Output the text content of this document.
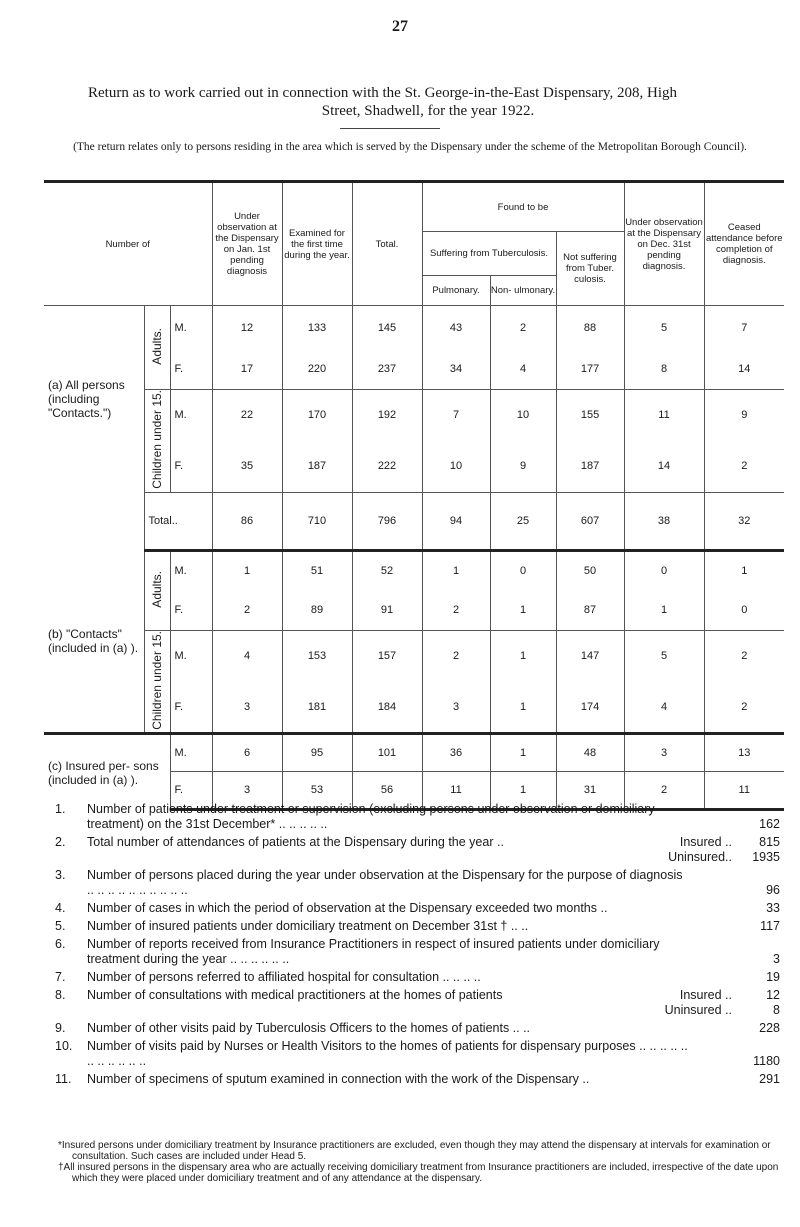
27
Return as to work carried out in connection with the St. George-in-the-East Dispensary, 208, High
Street, Shadwell, for the year 1922.
(The return relates only to persons residing in the area which is served by the Dispensary under the scheme of the Metropolitan Borough Council).
Number of			Under observation at the Dispensary on Jan. 1st pending diagnosis	Examined for the first time during the year.	Total.	Found to be			Under observation at the Dispensary on Dec. 31st pending diagnosis.	Ceased attendance before completion of diagnosis.
						Suffering from Tuberculosis.		Not suffering from Tuber. culosis.		
						Pulmonary.	Non- ulmonary.			
(a) All persons (including "Contacts.")	Adults.	M.	12	133	145	43	2	88	5	7
		F.	17	220	237	34	4	177	8	14
	Children under 15.	M.	22	170	192	7	10	155	11	9
		F.	35	187	222	10	9	187	14	2
	Total..		86	710	796	94	25	607	38	32
(b) "Contacts" (included in (a) ).	Adults.	M.	1	51	52	1	0	50	0	1
		F.	2	89	91	2	1	87	1	0
	Children under 15.	M.	4	153	157	2	1	147	5	2
		F.	3	181	184	3	1	174	4	2
(c) Insured per- sons (included in (a) ).		M.	6	95	101	36	1	48	3	13
		F.	3	53	56	11	1	31	2	11
1.	Number of patients under treatment or supervision (excluding persons under observation or domiciliary treatment) on the 31st December* .. .. .. .. ..	162
2.	Total number of attendances of patients at the Dispensary during the year ..	Insured .. 815
Uninsured.. 1935
3.	Number of persons placed during the year under observation at the Dispensary for the purpose of diagnosis .. .. .. .. .. .. .. .. .. ..	96
4.	Number of cases in which the period of observation at the Dispensary exceeded two months ..	33
5.	Number of insured patients under domiciliary treatment on December 31st † .. ..	117
6.	Number of reports received from Insurance Practitioners in respect of insured patients under domiciliary treatment during the year .. .. .. .. .. ..	3
7.	Number of persons referred to affiliated hospital for consultation .. .. .. ..	19
8.	Number of consultations with medical practitioners at the homes of patients	Insured ..	12
Uninsured ..	8
9.	Number of other visits paid by Tuberculosis Officers to the homes of patients .. ..	228
10.	Number of visits paid by Nurses or Health Visitors to the homes of patients for dispensary purposes .. .. .. .. .. .. .. .. .. .. ..	1180
11.	Number of specimens of sputum examined in connection with the work of the Dispensary ..	291

*Insured persons under domiciliary treatment by Insurance practitioners are excluded, even though they may attend the dispensary at intervals for examination or consultation. Such cases are included under Head 5.

†All insured persons in the dispensary area who are actually receiving domiciliary treatment from Insurance practitioners are included, irrespective of the date upon which they were placed under domiciliary treatment and of any attendance at the dispensary.
